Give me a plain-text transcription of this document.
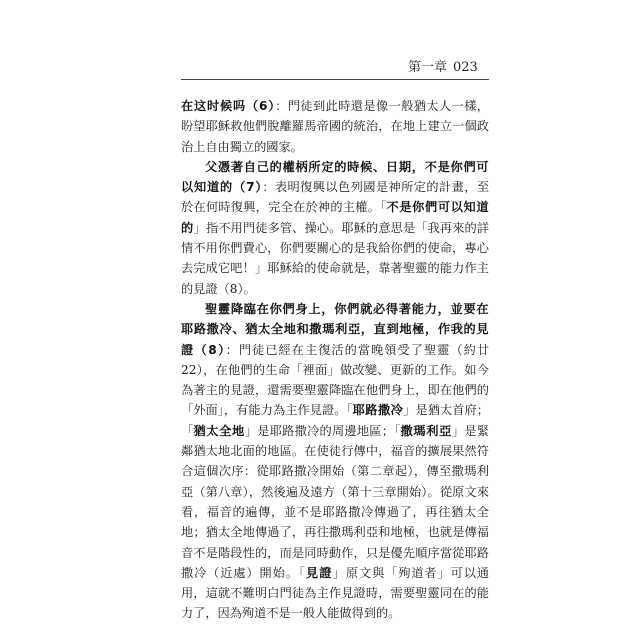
第一章 023

在这时候吗（6）：門徒到此時還是像一般猶太人一樣，盼望耶穌救他們脫離羅馬帝國的統治，在地上建立一個政治上自由獨立的國家。

父憑著自己的權柄所定的時候、日期，不是你們可以知道的（7）：表明復興以色列國是神所定的計畫，至於在何時復興，完全在於神的主權。「不是你們可以知道的」指不用門徒多管、操心。耶穌的意思是「我再來的詳情不用你們費心，你們要關心的是我給你們的使命，專心去完成它吧！」耶穌給的使命就是，靠著聖靈的能力作主的見證（8）。

聖靈降臨在你們身上，你們就必得著能力，並要在耶路撒冷、猶太全地和撒瑪利亞，直到地極，作我的見證（8）：門徒已經在主復活的當晚領受了聖靈（約廿 22），在他們的生命「裡面」做改變、更新的工作。如今為著主的見證，還需要聖靈降臨在他們身上，即在他們的「外面」，有能力為主作見證。「耶路撒冷」是猶太首府；「猶太全地」是耶路撒冷的周邊地區；「撒瑪利亞」是緊鄰猶太地北面的地區。在使徒行傳中，福音的擴展果然符合這個次序：從耶路撒冷開始（第二章起），傳至撒瑪利亞（第八章），然後遍及遠方（第十三章開始）。從原文來看，福音的遍傳，並不是耶路撒冷傳過了，再往猶太全地；猶太全地傳過了，再往撒瑪利亞和地極，也就是傳福音不是階段性的，而是同時動作，只是優先順序當從耶路撒冷（近處）開始。「見證」原文與「殉道者」可以通用，這就不難明白門徒為主作見證時，需要聖靈同在的能力了，因為殉道不是一般人能做得到的。
